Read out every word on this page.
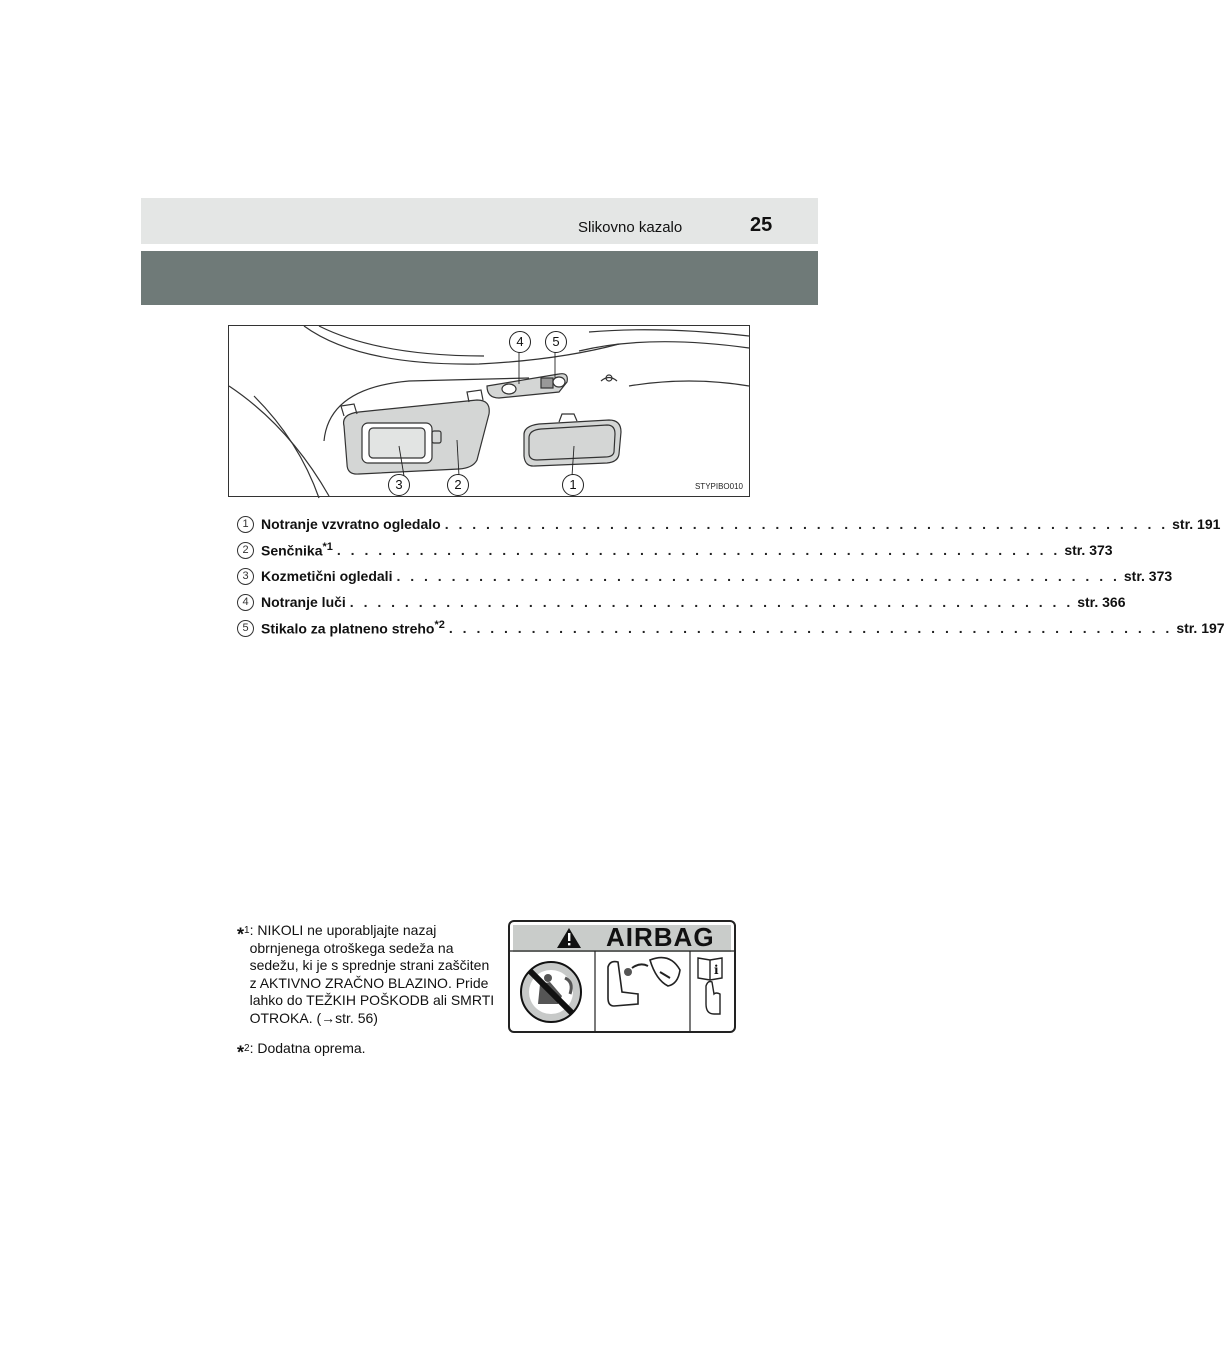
Slikovno kazalo	25
4	5
3	2	1	STYPIBO010
1 Notranje vzvratno ogledalo . . . . . . . . . . . . . . . . . . . . . . . . . . . . . . . . . . . . . . . . . . . . . . . . . . . . . str. 191
2 Senčnika$^{*1}$ . . . . . . . . . . . . . . . . . . . . . . . . . . . . . . . . . . . . . . . . . . . . . . . . . . . . . str. 373
3 Kozmetični ogledali . . . . . . . . . . . . . . . . . . . . . . . . . . . . . . . . . . . . . . . . . . . . . . . . . . . . . str. 373
4 Notranje luči . . . . . . . . . . . . . . . . . . . . . . . . . . . . . . . . . . . . . . . . . . . . . . . . . . . . . str. 366
5 Stikalo za platneno streho$^{*2}$ . . . . . . . . . . . . . . . . . . . . . . . . . . . . . . . . . . . . . . . . . . . . . . . . . . . . . str. 197
*$^1$ : NIKOLI ne uporabljajte nazaj obrnjenega otroškega sedeža na sedežu, ki je s sprednje strani zaščiten z AKTIVNO ZRAČNO BLAZINO. Pride lahko do TEŽKIH POŠKODB ali SMRTI OTROKA. (→str. 56)
*$^2$ : Dodatna oprema.
i
AIRBAG
